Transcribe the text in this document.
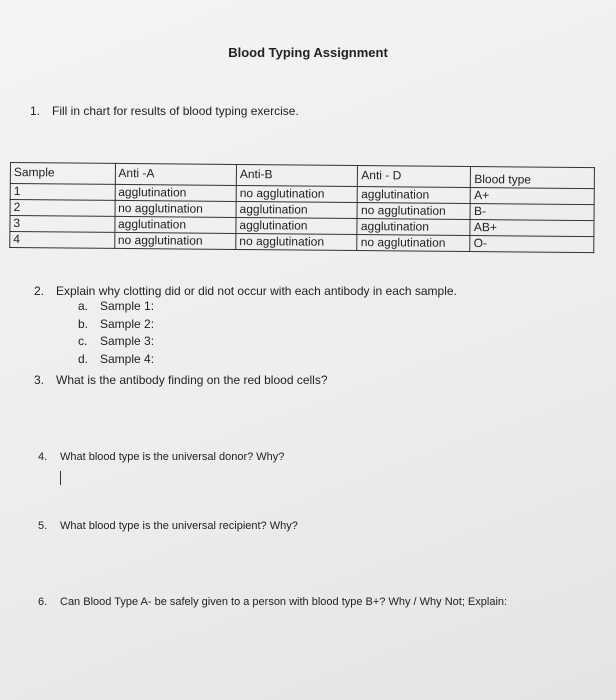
Blood Typing Assignment
1. Fill in chart for results of blood typing exercise.
Sample	Anti -A	Anti-B	Anti - D	Blood type
1	agglutination	no agglutination	agglutination	A+
2	no agglutination	agglutination	no agglutination	B-
3	agglutination	agglutination	agglutination	AB+
4	no agglutination	no agglutination	no agglutination	O-
2. Explain why clotting did or did not occur with each antibody in each sample.
a. Sample 1:
b. Sample 2:
c. Sample 3:
d. Sample 4:
3. What is the antibody finding on the red blood cells?
4. What blood type is the universal donor? Why?
5. What blood type is the universal recipient? Why?
6. Can Blood Type A- be safely given to a person with blood type B+? Why / Why Not; Explain:
